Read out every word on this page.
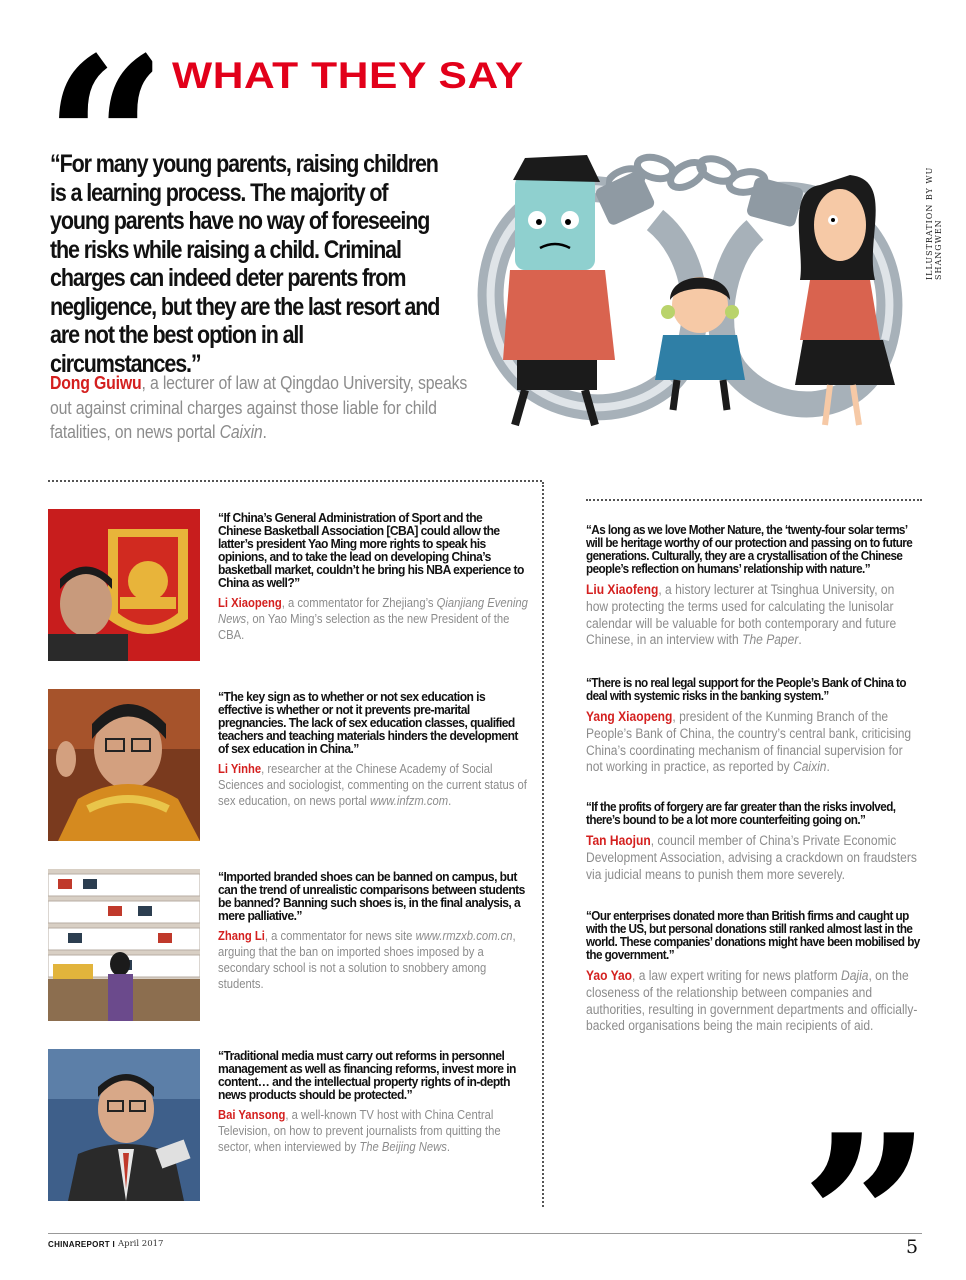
WHAT THEY SAY
ILLUSTRATION BY WU SHANGWEN
“For many young parents, raising children is a learning process. The majority of young parents have no way of foreseeing the risks while raising a child. Criminal charges can indeed deter parents from negligence, but they are the last resort and are not the best option in all circumstances.”
Dong Guiwu, a lecturer of law at Qingdao University, speaks out against criminal charges against those liable for child fatalities, on news portal Caixin.
“If China’s General Administration of Sport and the Chinese Basketball Association [CBA] could allow the latter’s president Yao Ming more rights to speak his opinions, and to take the lead on developing China’s basketball market, couldn’t he bring his NBA experience to China as well?”
Li Xiaopeng, a commentator for Zhejiang’s Qianjiang Evening News, on Yao Ming’s selection as the new President of the CBA.
“The key sign as to whether or not sex education is effective is whether or not it prevents pre-marital pregnancies. The lack of sex education classes, qualified teachers and teaching materials hinders the development of sex education in China.”
Li Yinhe, researcher at the Chinese Academy of Social Sciences and sociologist, commenting on the current status of sex education, on news portal www.infzm.com.
“Imported branded shoes can be banned on campus, but can the trend of unrealistic comparisons between students be banned? Banning such shoes is, in the final analysis, a mere palliative.”
Zhang Li, a commentator for news site www.rmzxb.com.cn, arguing that the ban on imported shoes imposed by a secondary school is not a solution to snobbery among students.
“Traditional media must carry out reforms in personnel management as well as financing reforms, invest more in content… and the intellectual property rights of in-depth news products should be protected.”
Bai Yansong, a well-known TV host with China Central Television, on how to prevent journalists from quitting the sector, when interviewed by The Beijing News.
“As long as we love Mother Nature, the ‘twenty-four solar terms’ will be heritage worthy of our protection and passing on to future generations. Culturally, they are a crystallisation of the Chinese people’s reflection on humans’ relationship with nature.”
Liu Xiaofeng, a history lecturer at Tsinghua University, on how protecting the terms used for calculating the lunisolar calendar will be valuable for both contemporary and future Chinese, in an interview with The Paper.
“There is no real legal support for the People’s Bank of China to deal with systemic risks in the banking system.”
Yang Xiaopeng, president of the Kunming Branch of the People’s Bank of China, the country’s central bank, criticising China’s coordinating mechanism of financial supervision for not working in practice, as reported by Caixin.
“If the profits of forgery are far greater than the risks involved, there’s bound to be a lot more counterfeiting going on.”
Tan Haojun, council member of China’s Private Economic Development Association, advising a crackdown on fraudsters via judicial means to punish them more severely.
“Our enterprises donated more than British firms and caught up with the US, but personal donations still ranked almost last in the world. These companies’ donations might have been mobilised by the government.”
Yao Yao, a law expert writing for news platform Dajia, on the closeness of the relationship between companies and authorities, resulting in government departments and officially-backed organisations being the main recipients of aid.
CHINAREPORT I April 2017	5
